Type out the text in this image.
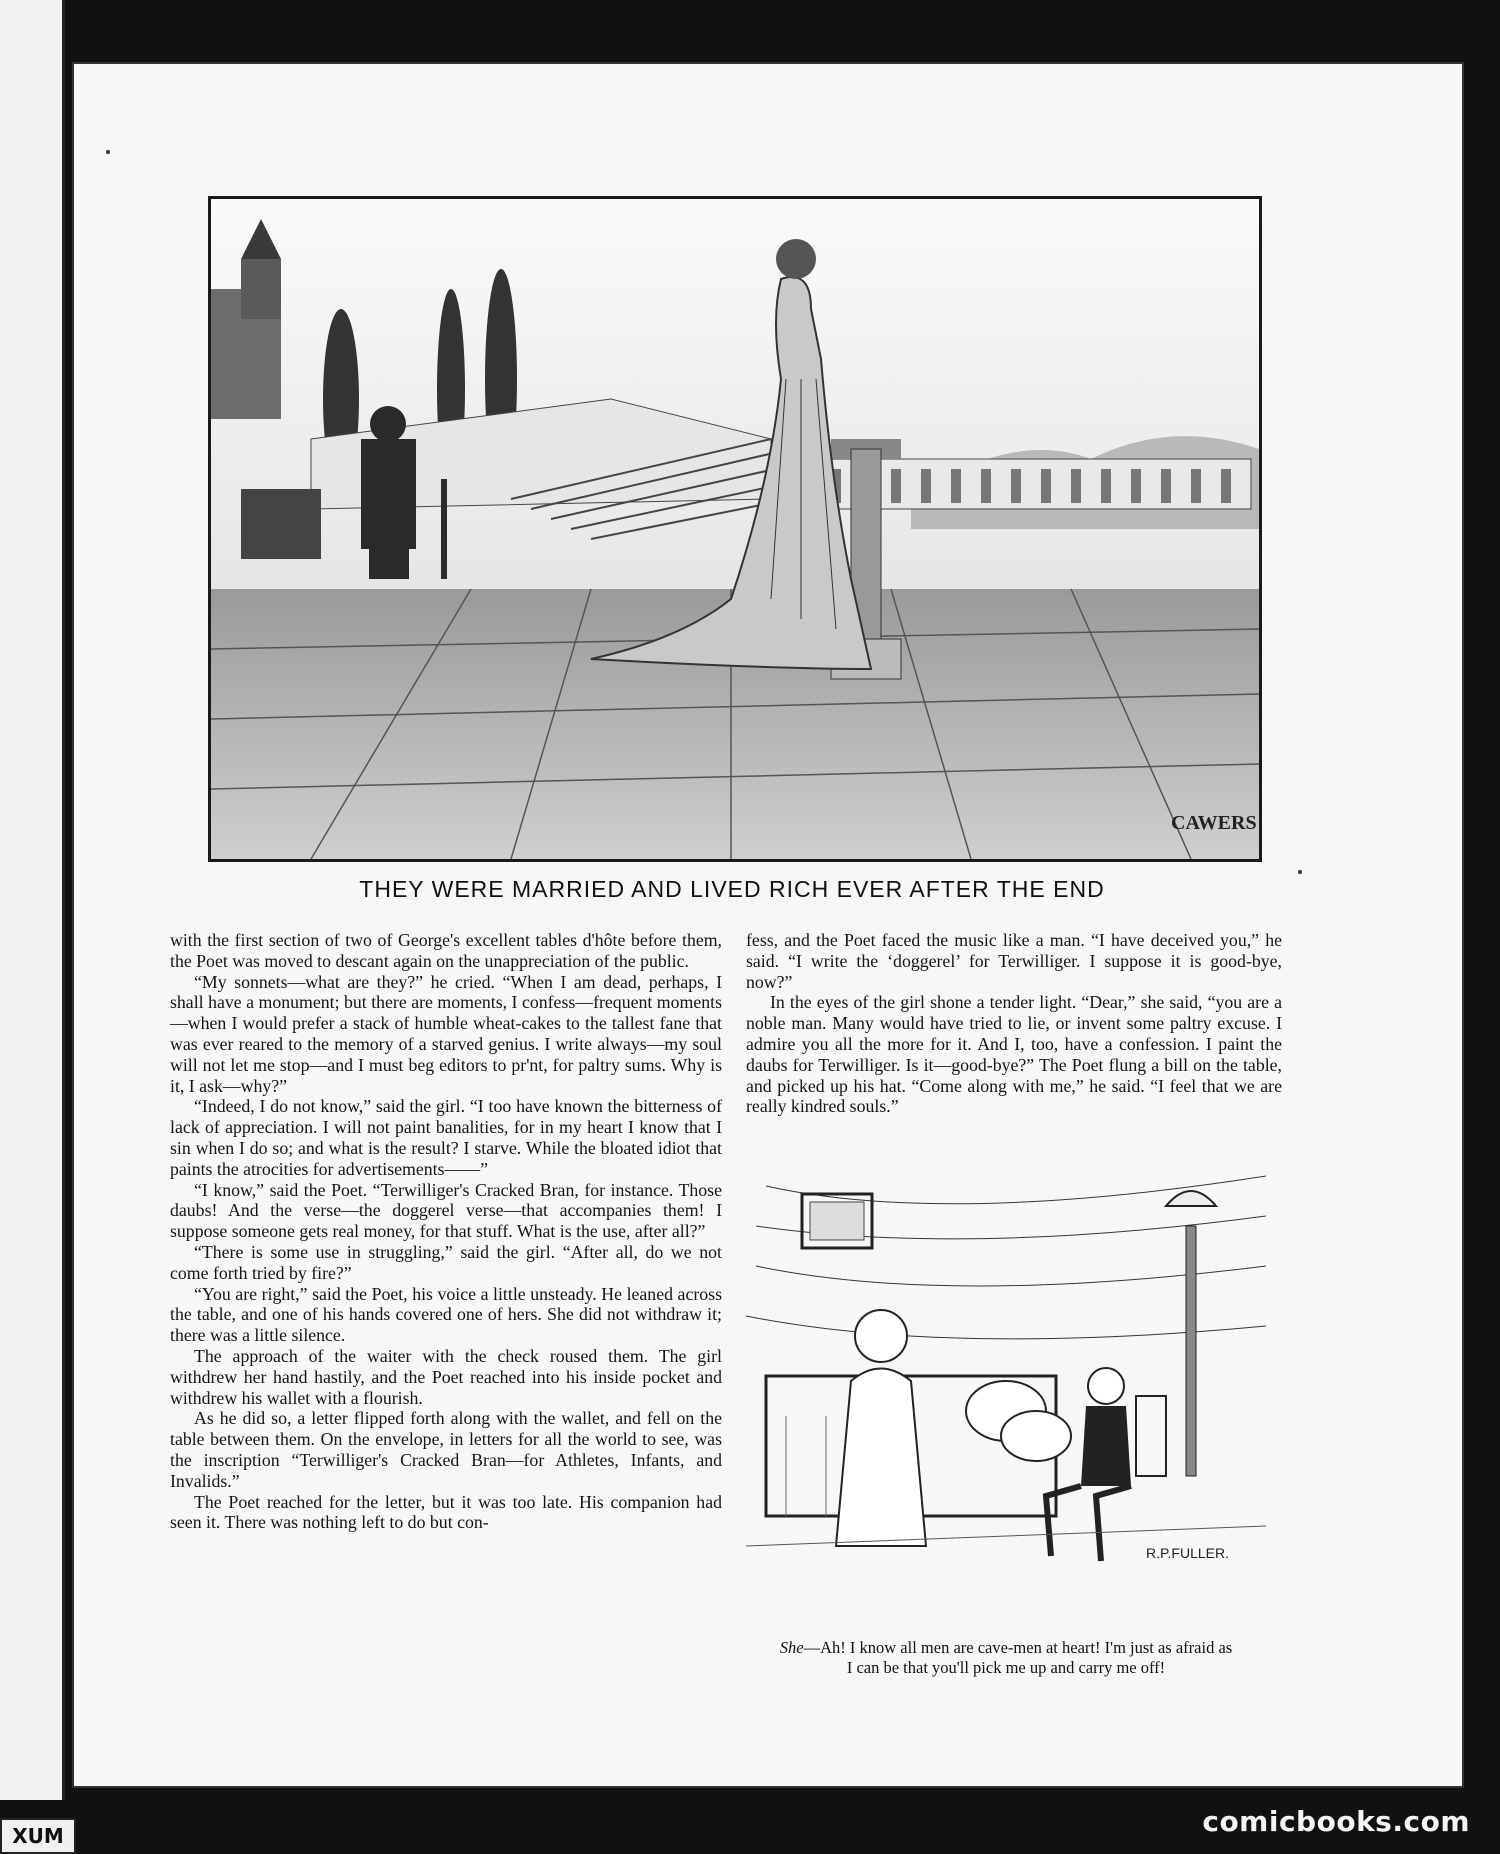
CAWERS
THEY WERE MARRIED AND LIVED RICH EVER AFTER THE END

with the first section of two of George's excellent tables d'hôte before them, the Poet was moved to descant again on the unappreciation of the public.

“My sonnets—what are they?” he cried. “When I am dead, perhaps, I shall have a monument; but there are moments, I confess—frequent moments—when I would prefer a stack of humble wheat-cakes to the tallest fane that was ever reared to the memory of a starved genius. I write always—my soul will not let me stop—and I must beg editors to pr'nt, for paltry sums. Why is it, I ask—why?”

“Indeed, I do not know,” said the girl. “I too have known the bitterness of lack of appreciation. I will not paint banalities, for in my heart I know that I sin when I do so; and what is the result? I starve. While the bloated idiot that paints the atrocities for advertisements——”

“I know,” said the Poet. “Terwilliger's Cracked Bran, for instance. Those daubs! And the verse—the doggerel verse—that accompanies them! I suppose someone gets real money, for that stuff. What is the use, after all?”

“There is some use in struggling,” said the girl. “After all, do we not come forth tried by fire?”

“You are right,” said the Poet, his voice a little unsteady. He leaned across the table, and one of his hands covered one of hers. She did not withdraw it; there was a little silence.

The approach of the waiter with the check roused them. The girl withdrew her hand hastily, and the Poet reached into his inside pocket and withdrew his wallet with a flourish.

As he did so, a letter flipped forth along with the wallet, and fell on the table between them. On the envelope, in letters for all the world to see, was the inscription “Terwilliger's Cracked Bran—for Athletes, Infants, and Invalids.”

The Poet reached for the letter, but it was too late. His companion had seen it. There was nothing left to do but con-

fess, and the Poet faced the music like a man. “I have deceived you,” he said. “I write the ‘doggerel’ for Terwilliger. I suppose it is good-bye, now?”

In the eyes of the girl shone a tender light. “Dear,” she said, “you are a noble man. Many would have tried to lie, or invent some paltry excuse. I admire you all the more for it. And I, too, have a confession. I paint the daubs for Terwilliger. Is it—good-bye?” The Poet flung a bill on the table, and picked up his hat. “Come along with me,” he said. “I feel that we are really kindred souls.”

R.P.FULLER.
She—Ah! I know all men are cave-men at heart! I'm just as afraid as
I can be that you'll pick me up and carry me off!
comicbooks.com
XUM
